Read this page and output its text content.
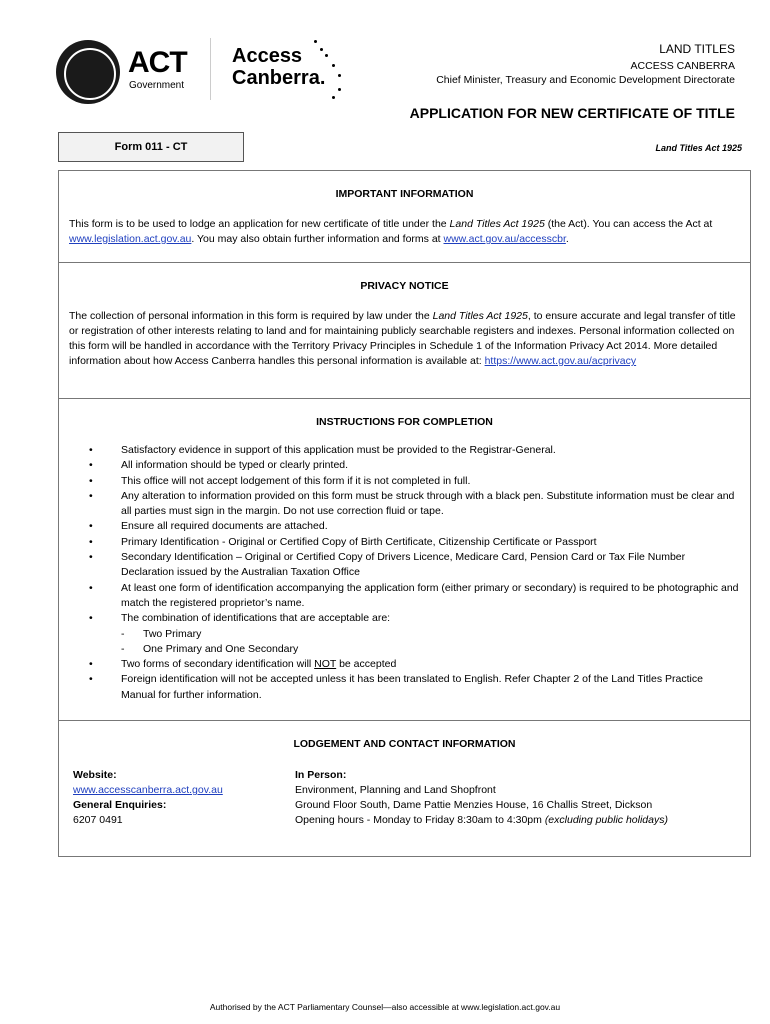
ACT
Government
Access
Canberra.
LAND TITLES
ACCESS CANBERRA
Chief Minister, Treasury and Economic Development Directorate
APPLICATION FOR NEW CERTIFICATE OF TITLE
Form 011 - CT	Land Titles Act 1925
IMPORTANT INFORMATION
This form is to be used to lodge an application for new certificate of title under the Land Titles Act 1925 (the Act). You can access the Act at www.legislation.act.gov.au. You may also obtain further information and forms at www.act.gov.au/accesscbr.
PRIVACY NOTICE
The collection of personal information in this form is required by law under the Land Titles Act 1925, to ensure accurate and legal transfer of title or registration of other interests relating to land and for maintaining publicly searchable registers and indexes. Personal information collected on this form will be handled in accordance with the Territory Privacy Principles in Schedule 1 of the Information Privacy Act 2014. More detailed information about how Access Canberra handles this personal information is available at: https://www.act.gov.au/acprivacy
INSTRUCTIONS FOR COMPLETION
• Satisfactory evidence in support of this application must be provided to the Registrar-General.
• All information should be typed or clearly printed.
• This office will not accept lodgement of this form if it is not completed in full.
• Any alteration to information provided on this form must be struck through with a black pen. Substitute information must be clear and all parties must sign in the margin. Do not use correction fluid or tape.
• Ensure all required documents are attached.
• Primary Identification - Original or Certified Copy of Birth Certificate, Citizenship Certificate or Passport
• Secondary Identification – Original or Certified Copy of Drivers Licence, Medicare Card, Pension Card or Tax File Number Declaration issued by the Australian Taxation Office
• At least one form of identification accompanying the application form (either primary or secondary) is required to be photographic and match the registered proprietor’s name.
• The combination of identifications that are acceptable are:
- Two Primary
- One Primary and One Secondary
• Two forms of secondary identification will NOT be accepted
• Foreign identification will not be accepted unless it has been translated to English. Refer Chapter 2 of the Land Titles Practice Manual for further information.
LODGEMENT AND CONTACT INFORMATION
Website:
www.accesscanberra.act.gov.au
General Enquiries:
6207 0491
In Person:
Environment, Planning and Land Shopfront
Ground Floor South, Dame Pattie Menzies House, 16 Challis Street, Dickson
Opening hours - Monday to Friday 8:30am to 4:30pm (excluding public holidays)
Authorised by the ACT Parliamentary Counsel—also accessible at www.legislation.act.gov.au
